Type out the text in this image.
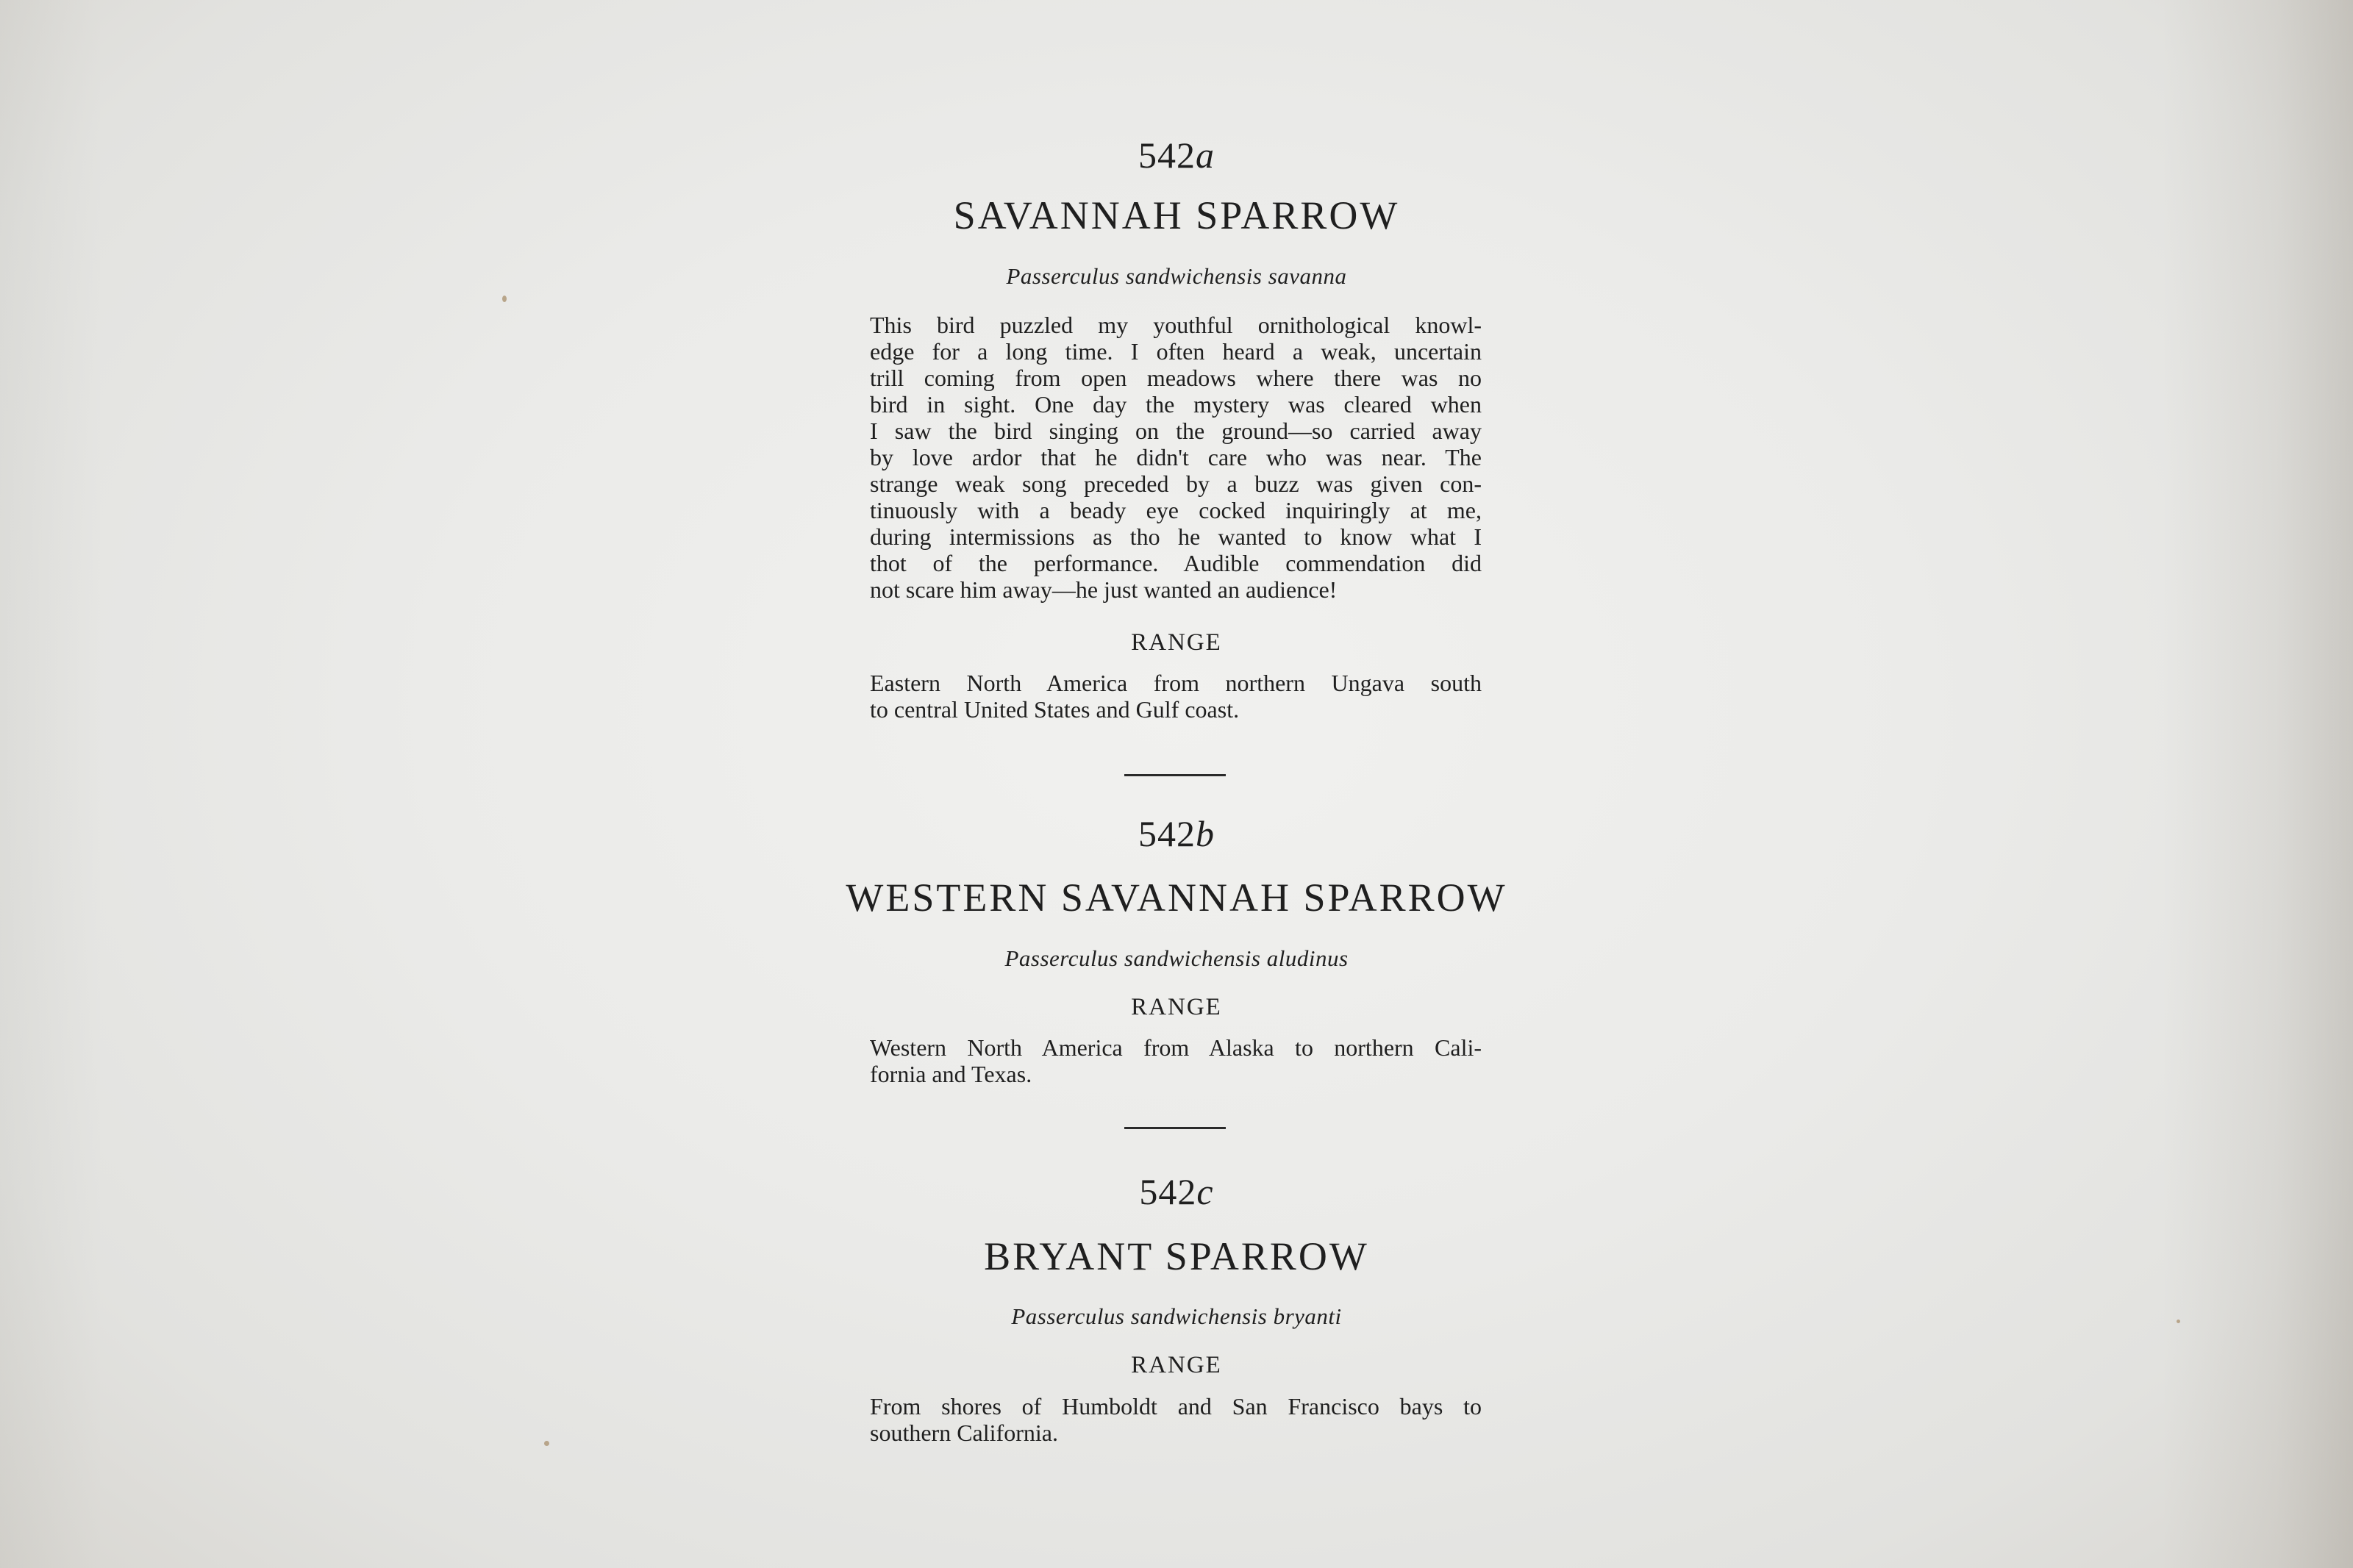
542a
SAVANNAH SPARROW
Passerculus sandwichensis savanna
This bird puzzled my youthful ornithological knowl-
edge for a long time. I often heard a weak, uncertain
trill coming from open meadows where there was no
bird in sight. One day the mystery was cleared when
I saw the bird singing on the ground—so carried away
by love ardor that he didn't care who was near. The
strange weak song preceded by a buzz was given con-
tinuously with a beady eye cocked inquiringly at me,
during intermissions as tho he wanted to know what I
thot of the performance. Audible commendation did
not scare him away—he just wanted an audience!
RANGE
Eastern North America from northern Ungava south
to central United States and Gulf coast.
542b
WESTERN SAVANNAH SPARROW
Passerculus sandwichensis aludinus
RANGE
Western North America from Alaska to northern Cali-
fornia and Texas.
542c
BRYANT SPARROW
Passerculus sandwichensis bryanti
RANGE
From shores of Humboldt and San Francisco bays to
southern California.
